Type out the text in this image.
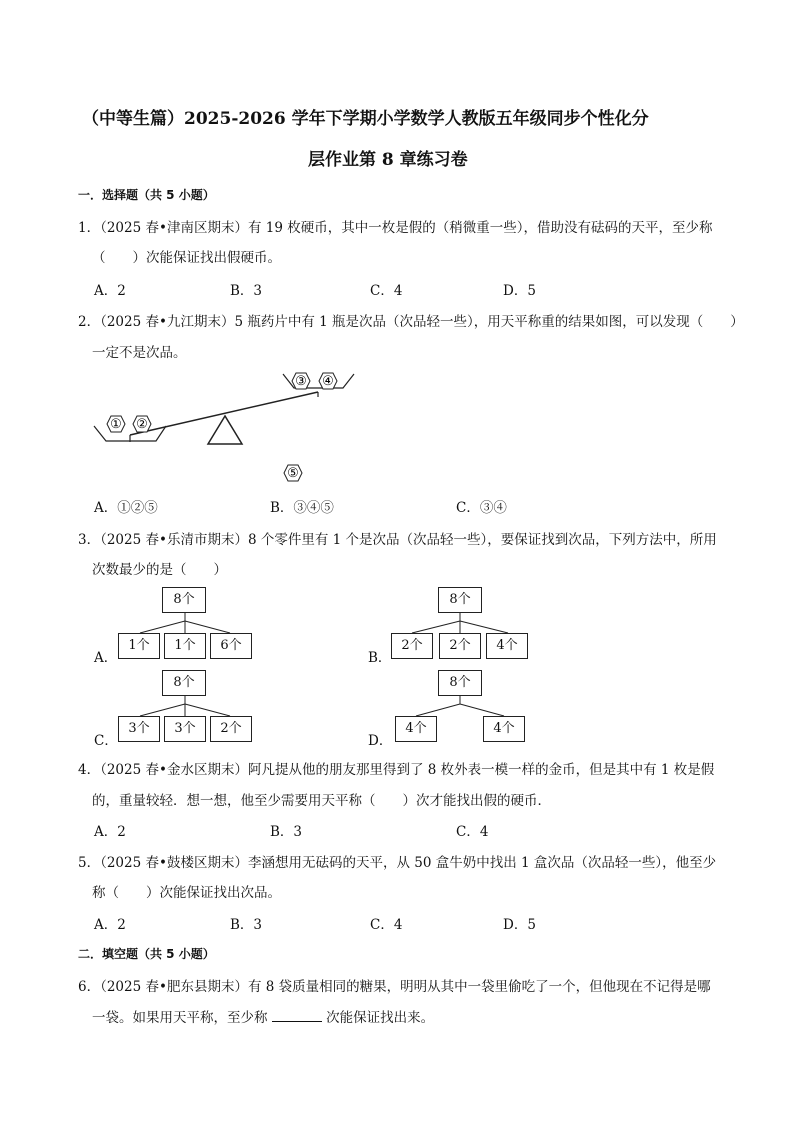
（中等生篇）2025-2026 学年下学期小学数学人教版五年级同步个性化分
层作业第 8 章练习卷
一．选择题（共 5 小题）
1．（2025 春•津南区期末）有 19 枚硬币，其中一枚是假的（稍微重一些），借助没有砝码的天平，至少称
（　　）次能保证找出假硬币。
A．2	B．3	C．4	D．5
2．（2025 春•九江期末）5 瓶药片中有 1 瓶是次品（次品轻一些），用天平称重的结果如图，可以发现（　　）
一定不是次品。
① ②
③ ④
⑤
A．①②⑤	B．③④⑤	C．③④
3．（2025 春•乐清市期末）8 个零件里有 1 个是次品（次品轻一些），要保证找到次品，下列方法中，所用
次数最少的是（　　）
A．
8个
1个	1个	6个
B．
8个
2个	2个	4个
C．
8个
3个	3个	2个
D．
8个
4个	4个
4．（2025 春•金水区期末）阿凡提从他的朋友那里得到了 8 枚外表一模一样的金币，但是其中有 1 枚是假
的，重量较轻．想一想，他至少需要用天平称（　　）次才能找出假的硬币．
A．2	B．3	C．4
5．（2025 春•鼓楼区期末）李涵想用无砝码的天平，从 50 盒牛奶中找出 1 盒次品（次品轻一些），他至少
称（　　）次能保证找出次品。
A．2	B．3	C．4	D．5
二．填空题（共 5 小题）
6．（2025 春•肥东县期末）有 8 袋质量相同的糖果，明明从其中一袋里偷吃了一个，但他现在不记得是哪
一袋。如果用天平称，至少称	次能保证找出来。
